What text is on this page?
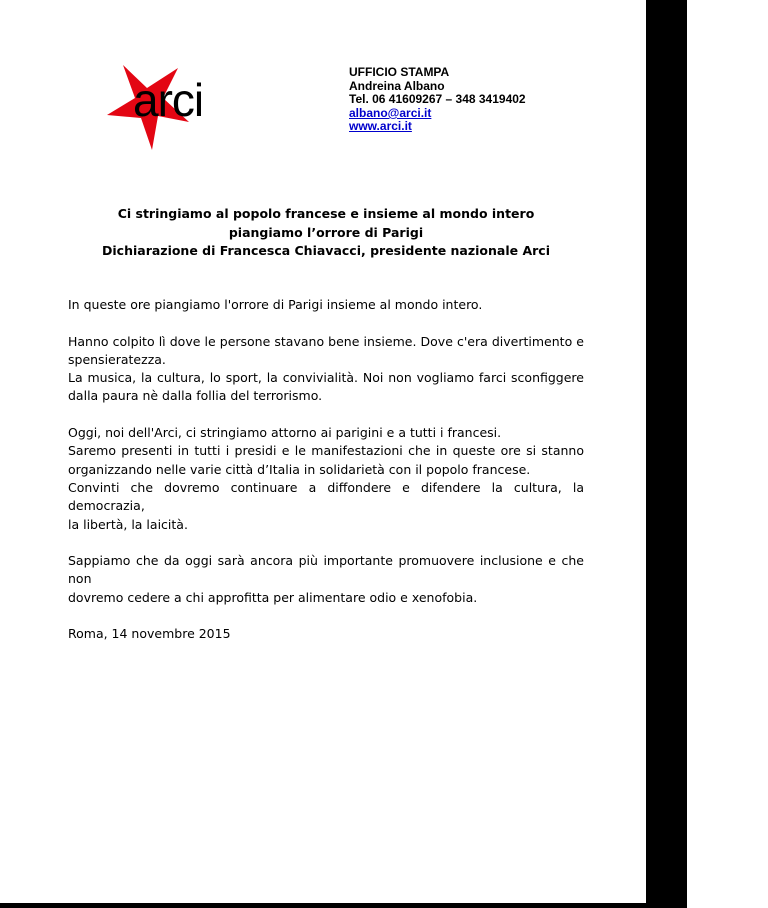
arci
UFFICIO STAMPA
Andreina Albano
Tel. 06 41609267 – 348 3419402
albano@arci.it
www.arci.it
Ci stringiamo al popolo francese e insieme al mondo intero
piangiamo l’orrore di Parigi
Dichiarazione di Francesca Chiavacci, presidente nazionale Arci

In queste ore piangiamo l'orrore di Parigi insieme al mondo intero.

Hanno colpito lì dove le persone stavano bene insieme. Dove c'era divertimento e
spensieratezza.
La musica, la cultura, lo sport, la convivialità. Noi non vogliamo farci sconfiggere
dalla paura nè dalla follia del terrorismo.

Oggi, noi dell'Arci, ci stringiamo attorno ai parigini e a tutti i francesi.
Saremo presenti in tutti i presidi e le manifestazioni che in queste ore si stanno
organizzando nelle varie città d’Italia in solidarietà con il popolo francese.
Convinti che dovremo continuare a diffondere e difendere la cultura, la democrazia,
la libertà, la laicità.

Sappiamo che da oggi sarà ancora più importante promuovere inclusione e che non
dovremo cedere a chi approfitta per alimentare odio e xenofobia.

Roma, 14 novembre 2015
